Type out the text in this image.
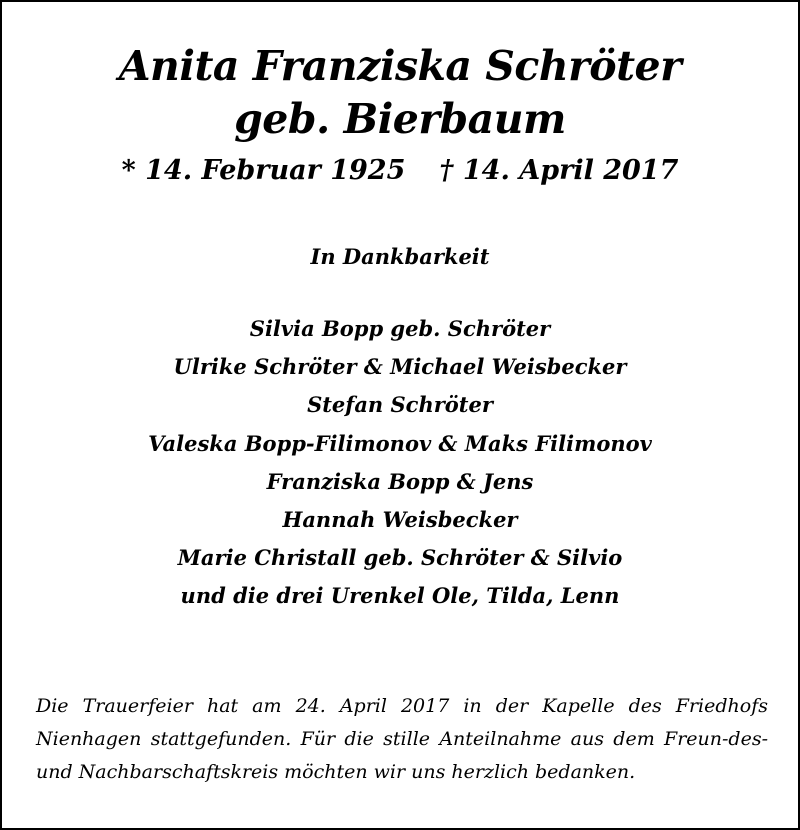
Anita Franziska Schröter
geb. Bierbaum
* 14. Februar 1925 † 14. April 2017
In Dankbarkeit
Silvia Bopp geb. Schröter
Ulrike Schröter & Michael Weisbecker
Stefan Schröter
Valeska Bopp-Filimonov & Maks Filimonov
Franziska Bopp & Jens
Hannah Weisbecker
Marie Christall geb. Schröter & Silvio
und die drei Urenkel Ole, Tilda, Lenn

Die Trauerfeier hat am 24. April 2017 in der Kapelle des Friedhofs Nienhagen stattgefunden. Für die stille Anteilnahme aus dem Freun-des- und Nachbarschaftskreis möchten wir uns herzlich bedanken.
